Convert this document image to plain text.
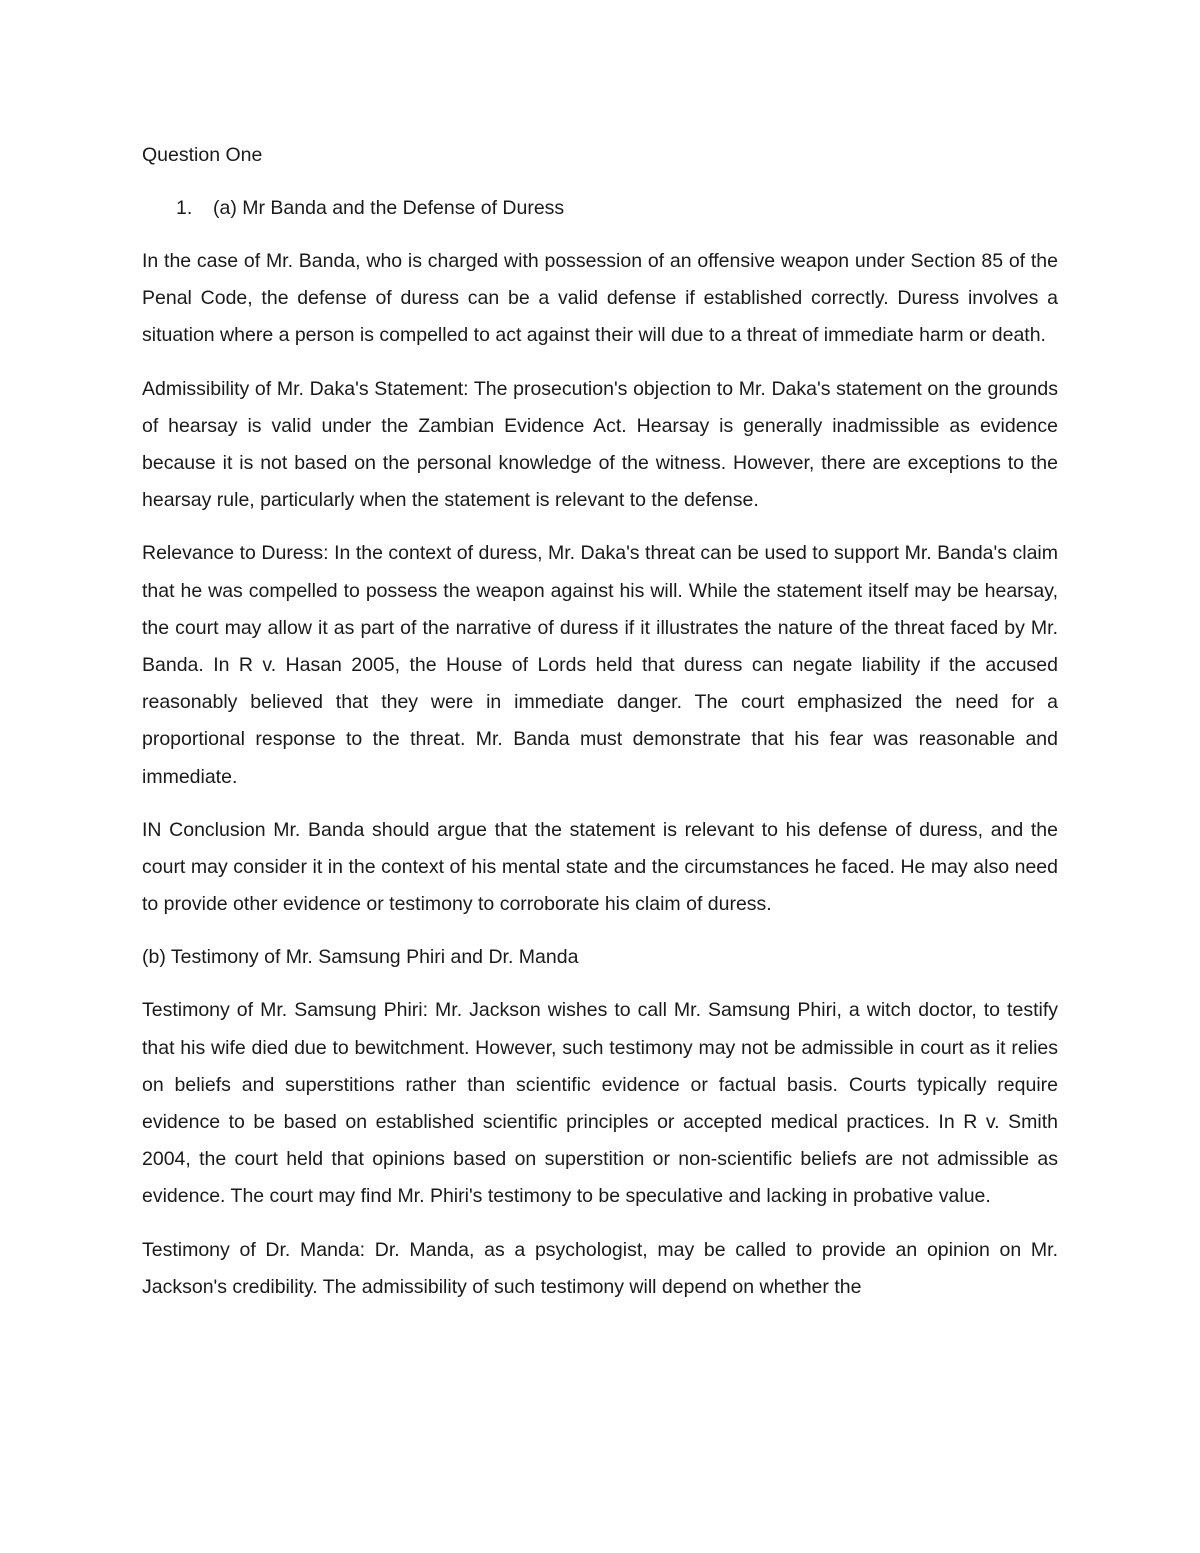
Question One
1.	(a) Mr Banda and the Defense of Duress

In the case of Mr. Banda, who is charged with possession of an offensive weapon under Section 85 of the Penal Code, the defense of duress can be a valid defense if established correctly. Duress involves a situation where a person is compelled to act against their will due to a threat of immediate harm or death.

Admissibility of Mr. Daka's Statement: The prosecution's objection to Mr. Daka's statement on the grounds of hearsay is valid under the Zambian Evidence Act. Hearsay is generally inadmissible as evidence because it is not based on the personal knowledge of the witness. However, there are exceptions to the hearsay rule, particularly when the statement is relevant to the defense.

Relevance to Duress: In the context of duress, Mr. Daka's threat can be used to support Mr. Banda's claim that he was compelled to possess the weapon against his will. While the statement itself may be hearsay, the court may allow it as part of the narrative of duress if it illustrates the nature of the threat faced by Mr. Banda. In R v. Hasan 2005, the House of Lords held that duress can negate liability if the accused reasonably believed that they were in immediate danger. The court emphasized the need for a proportional response to the threat. Mr. Banda must demonstrate that his fear was reasonable and immediate.

IN Conclusion Mr. Banda should argue that the statement is relevant to his defense of duress, and the court may consider it in the context of his mental state and the circumstances he faced. He may also need to provide other evidence or testimony to corroborate his claim of duress.

(b) Testimony of Mr. Samsung Phiri and Dr. Manda

Testimony of Mr. Samsung Phiri: Mr. Jackson wishes to call Mr. Samsung Phiri, a witch doctor, to testify that his wife died due to bewitchment. However, such testimony may not be admissible in court as it relies on beliefs and superstitions rather than scientific evidence or factual basis. Courts typically require evidence to be based on established scientific principles or accepted medical practices. In R v. Smith 2004, the court held that opinions based on superstition or non-scientific beliefs are not admissible as evidence. The court may find Mr. Phiri's testimony to be speculative and lacking in probative value.

Testimony of Dr. Manda: Dr. Manda, as a psychologist, may be called to provide an opinion on Mr. Jackson's credibility. The admissibility of such testimony will depend on whether the
